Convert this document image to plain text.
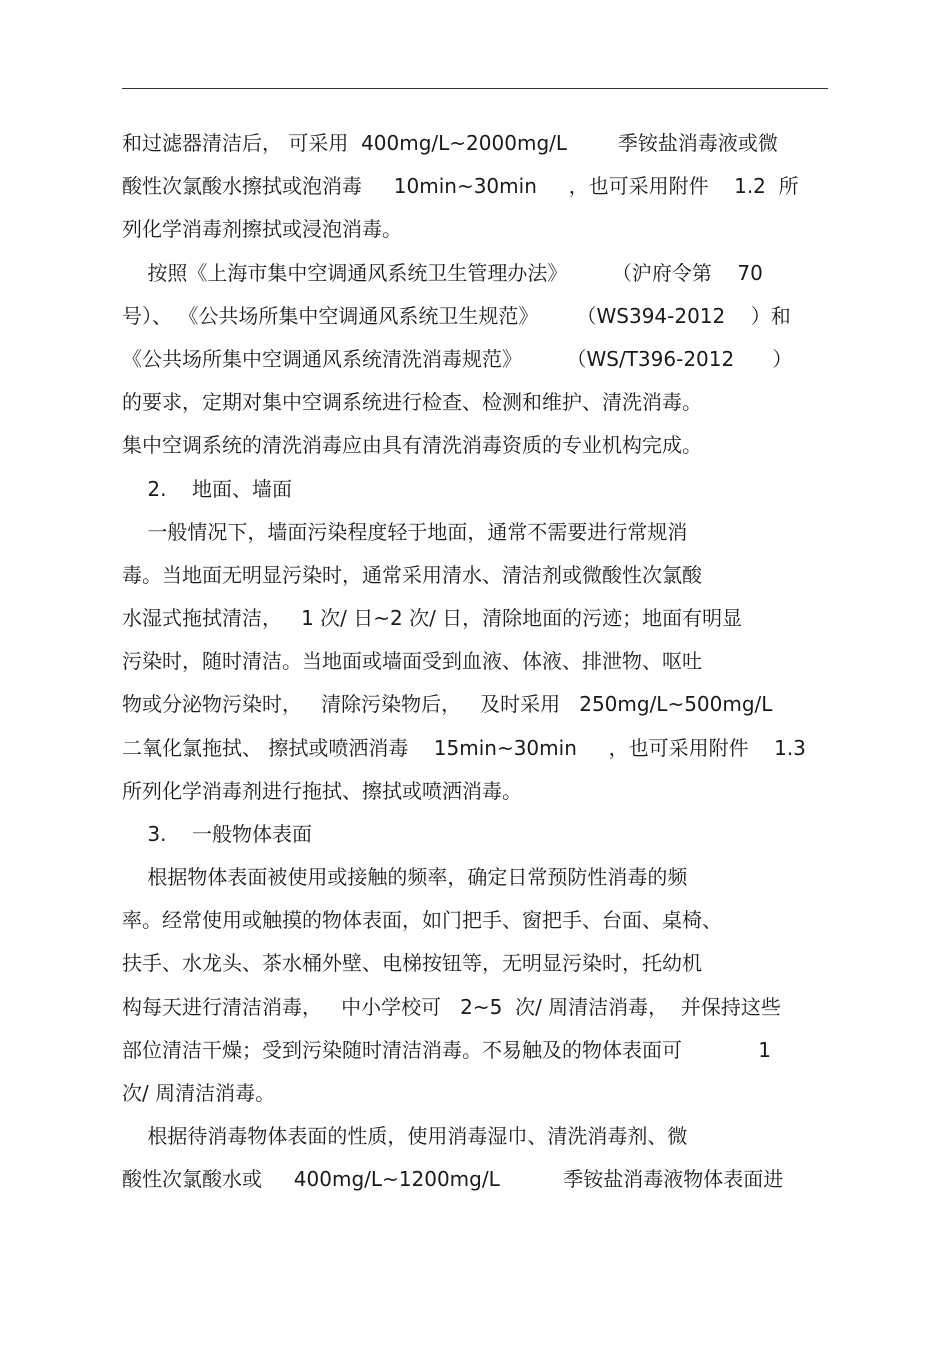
和过滤器清洁后， 可采用  400mg/L~2000mg/L        季铵盐消毒液或微
酸性次氯酸水擦拭或泡消毒     10min~30min     ，也可采用附件    1.2  所
列化学消毒剂擦拭或浸泡消毒。
按照《上海市集中空调通风系统卫生管理办法》       （沪府令第    70
号）、 《公共场所集中空调通风系统卫生规范》      （WS394-2012    ）和
《公共场所集中空调通风系统清洗消毒规范》       （WS/T396-2012      ）
的要求，定期对集中空调系统进行检查、检测和维护、清洗消毒。
集中空调系统的清洗消毒应由具有清洗消毒资质的专业机构完成。
2.    地面、墙面
一般情况下，墙面污染程度轻于地面，通常不需要进行常规消
毒。当地面无明显污染时，通常采用清水、清洁剂或微酸性次氯酸
水湿式拖拭清洁，   1 次/ 日~2 次/ 日，清除地面的污迹；地面有明显
污染时，随时清洁。当地面或墙面受到血液、体液、排泄物、呕吐
物或分泌物污染时，   清除污染物后，   及时采用   250mg/L~500mg/L
二氧化氯拖拭、 擦拭或喷洒消毒    15min~30min     ，也可采用附件    1.3
所列化学消毒剂进行拖拭、擦拭或喷洒消毒。
3.    一般物体表面
根据物体表面被使用或接触的频率，确定日常预防性消毒的频
率。经常使用或触摸的物体表面，如门把手、窗把手、台面、桌椅、
扶手、水龙头、茶水桶外壁、电梯按钮等，无明显污染时，托幼机
构每天进行清洁消毒，   中小学校可   2~5  次/ 周清洁消毒，  并保持这些
部位清洁干燥；受到污染随时清洁消毒。不易触及的物体表面可            1
次/ 周清洁消毒。
根据待消毒物体表面的性质，使用消毒湿巾、清洗消毒剂、微
酸性次氯酸水或     400mg/L~1200mg/L          季铵盐消毒液物体表面进
